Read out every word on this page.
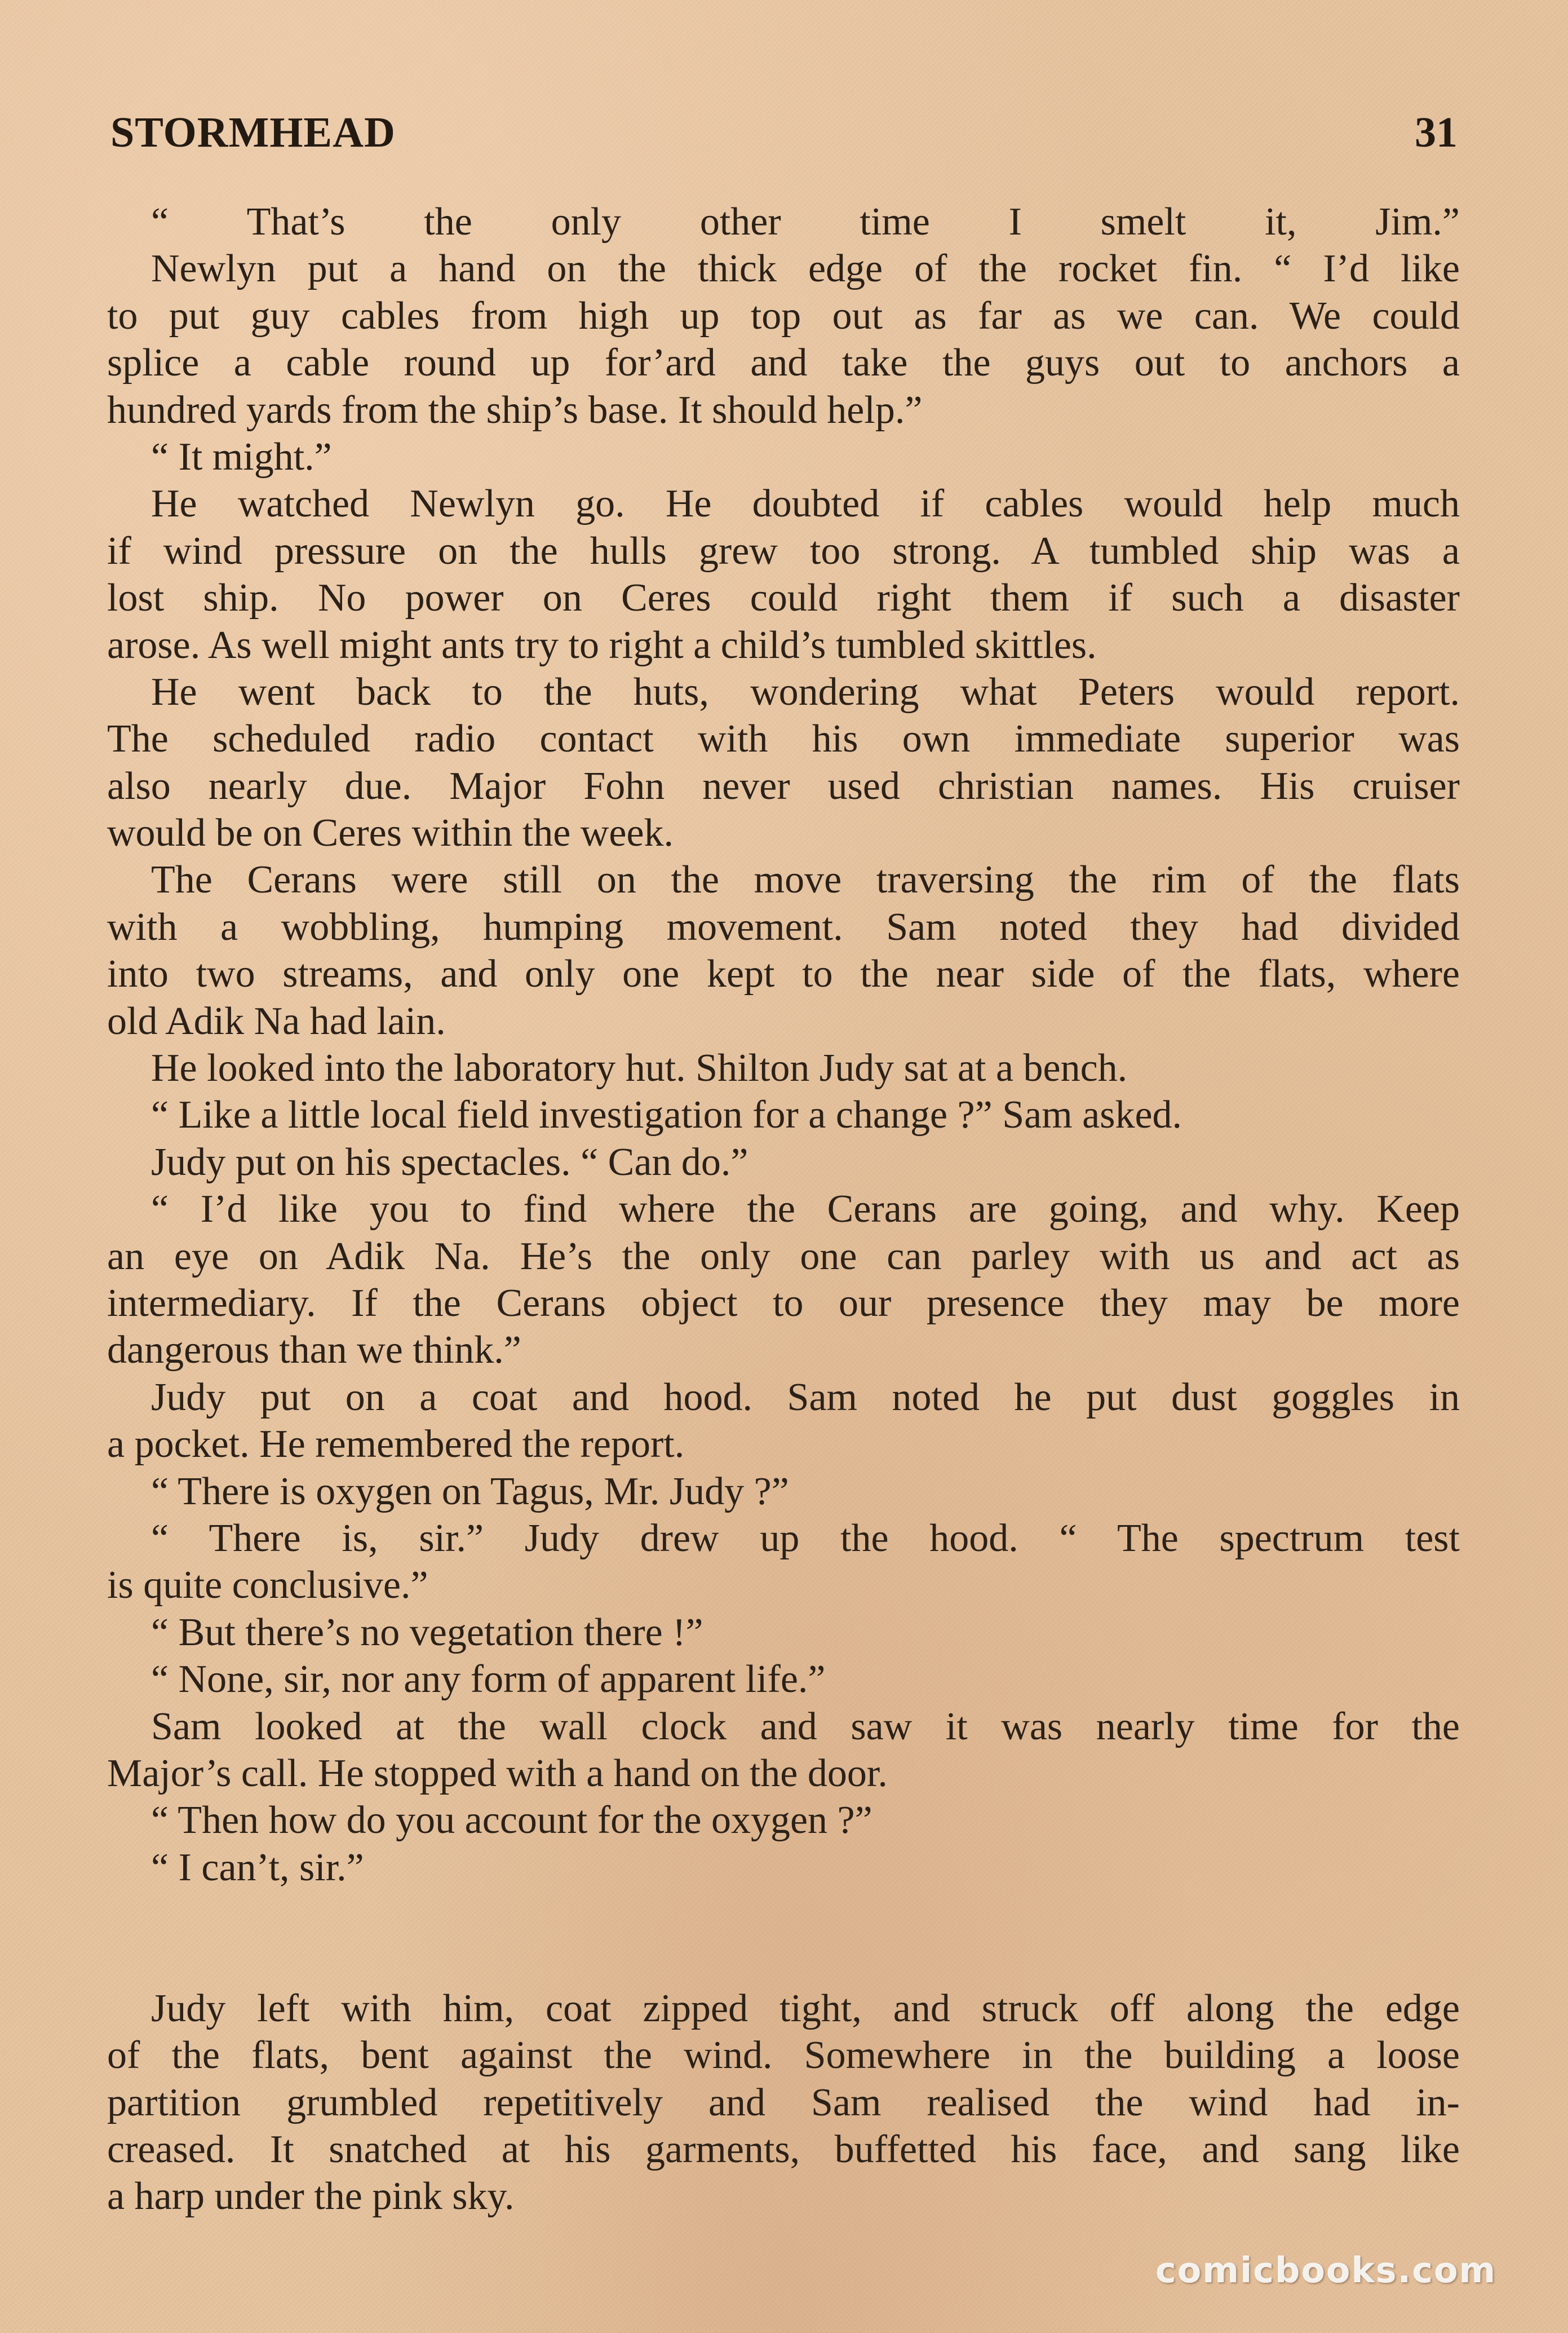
STORMHEAD	31
“ That’s the only other time I smelt it, Jim.”
Newlyn put a hand on the thick edge of the rocket fin. “ I’d like
to put guy cables from high up top out as far as we can. We could
splice a cable round up for’ard and take the guys out to anchors a
hundred yards from the ship’s base. It should help.”
“ It might.”
He watched Newlyn go. He doubted if cables would help much
if wind pressure on the hulls grew too strong. A tumbled ship was a
lost ship. No power on Ceres could right them if such a disaster
arose. As well might ants try to right a child’s tumbled skittles.
He went back to the huts, wondering what Peters would report.
The scheduled radio contact with his own immediate superior was
also nearly due. Major Fohn never used christian names. His cruiser
would be on Ceres within the week.
The Cerans were still on the move traversing the rim of the flats
with a wobbling, humping movement. Sam noted they had divided
into two streams, and only one kept to the near side of the flats, where
old Adik Na had lain.
He looked into the laboratory hut. Shilton Judy sat at a bench.
“ Like a little local field investigation for a change ?” Sam asked.
Judy put on his spectacles. “ Can do.”
“ I’d like you to find where the Cerans are going, and why. Keep
an eye on Adik Na. He’s the only one can parley with us and act as
intermediary. If the Cerans object to our presence they may be more
dangerous than we think.”
Judy put on a coat and hood. Sam noted he put dust goggles in
a pocket. He remembered the report.
“ There is oxygen on Tagus, Mr. Judy ?”
“ There is, sir.” Judy drew up the hood. “ The spectrum test
is quite conclusive.”
“ But there’s no vegetation there !”
“ None, sir, nor any form of apparent life.”
Sam looked at the wall clock and saw it was nearly time for the
Major’s call. He stopped with a hand on the door.
“ Then how do you account for the oxygen ?”
“ I can’t, sir.”
Judy left with him, coat zipped tight, and struck off along the edge
of the flats, bent against the wind. Somewhere in the building a loose
partition grumbled repetitively and Sam realised the wind had in-
creased. It snatched at his garments, buffetted his face, and sang like
a harp under the pink sky.
comicbooks.com
